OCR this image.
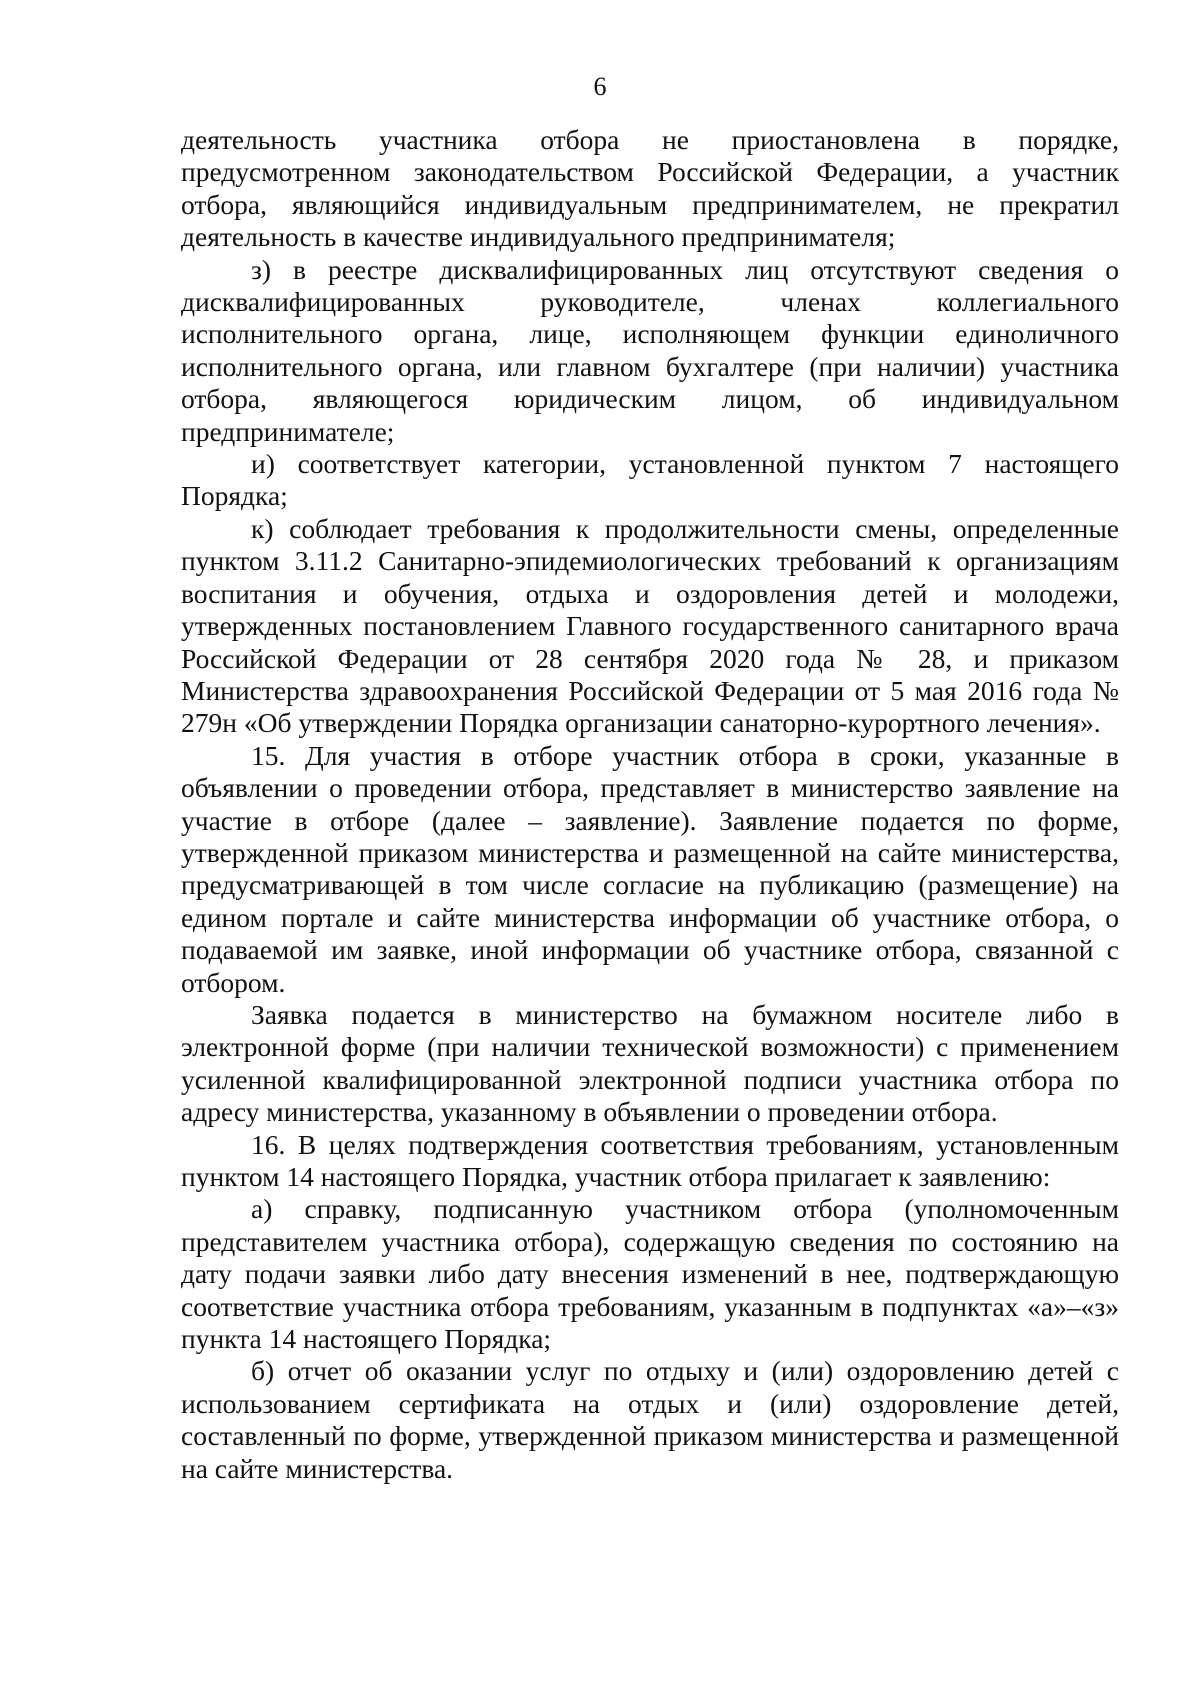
6

деятельность участника отбора не приостановлена в порядке, предусмотренном законодательством Российской Федерации, а участник отбора, являющийся индивидуальным предпринимателем, не прекратил деятельность в качестве индивидуального предпринимателя;

з) в реестре дисквалифицированных лиц отсутствуют сведения о дисквалифицированных руководителе, членах коллегиального исполнительного органа, лице, исполняющем функции единоличного исполнительного органа, или главном бухгалтере (при наличии) участника отбора, являющегося юридическим лицом, об индивидуальном предпринимателе;

и) соответствует категории, установленной пунктом 7 настоящего Порядка;

к) соблюдает требования к продолжительности смены, определенные пунктом 3.11.2 Санитарно-эпидемиологических требований к организациям воспитания и обучения, отдыха и оздоровления детей и молодежи, утвержденных постановлением Главного государственного санитарного врача Российской Федерации от 28 сентября 2020 года № 28, и приказом Министерства здравоохранения Российской Федерации от 5 мая 2016 года № 279н «Об утверждении Порядка организации санаторно-курортного лечения».

15. Для участия в отборе участник отбора в сроки, указанные в объявлении о проведении отбора, представляет в министерство заявление на участие в отборе (далее – заявление). Заявление подается по форме, утвержденной приказом министерства и размещенной на сайте министерства, предусматривающей в том числе согласие на публикацию (размещение) на едином портале и сайте министерства информации об участнике отбора, о подаваемой им заявке, иной информации об участнике отбора, связанной с отбором.

Заявка подается в министерство на бумажном носителе либо в электронной форме (при наличии технической возможности) с применением усиленной квалифицированной электронной подписи участника отбора по адресу министерства, указанному в объявлении о проведении отбора.

16. В целях подтверждения соответствия требованиям, установленным пунктом 14 настоящего Порядка, участник отбора прилагает к заявлению:

а) справку, подписанную участником отбора (уполномоченным представителем участника отбора), содержащую сведения по состоянию на дату подачи заявки либо дату внесения изменений в нее, подтверждающую соответствие участника отбора требованиям, указанным в подпунктах «а»–«з» пункта 14 настоящего Порядка;

б) отчет об оказании услуг по отдыху и (или) оздоровлению детей с использованием сертификата на отдых и (или) оздоровление детей, составленный по форме, утвержденной приказом министерства и размещенной на сайте министерства.
